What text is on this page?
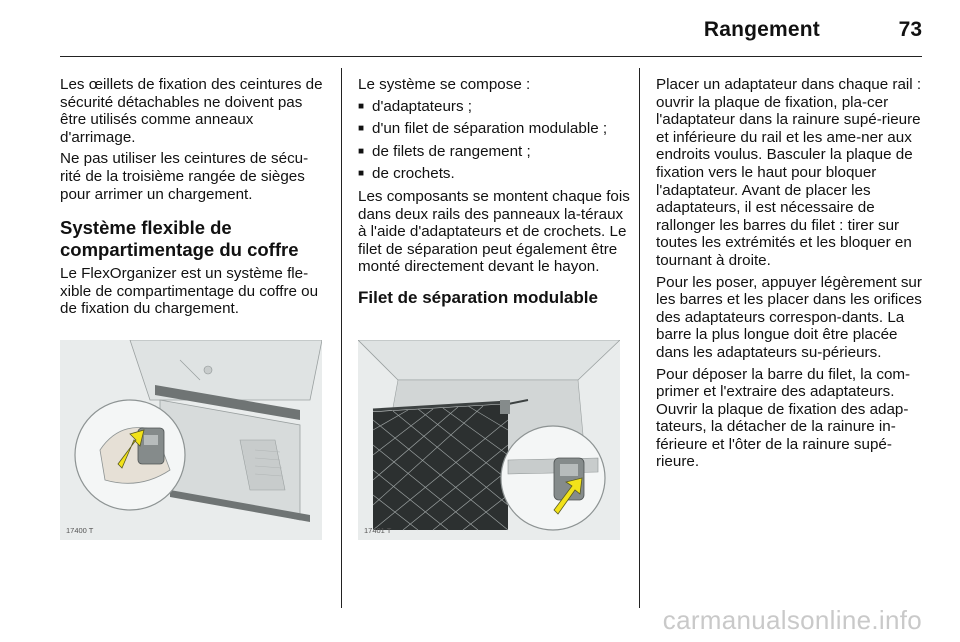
Rangement	73

Les œillets de fixation des ceintures de sécurité détachables ne doivent pas être utilisés comme anneaux d'arrimage.

Ne pas utiliser les ceintures de sécu-rité de la troisième rangée de sièges pour arrimer un chargement.

Système flexible de compartimentage du coffre

Le FlexOrganizer est un système fle-xible de compartimentage du coffre ou de fixation du chargement.

17400 T

Le système se compose :

■ d'adaptateurs ;
■ d'un filet de séparation modulable ;
■ de filets de rangement ;
■ de crochets.

Les composants se montent chaque fois dans deux rails des panneaux la-téraux à l'aide d'adaptateurs et de crochets. Le filet de séparation peut également être monté directement devant le hayon.

Filet de séparation modulable
17401 T

Placer un adaptateur dans chaque rail : ouvrir la plaque de fixation, pla-cer l'adaptateur dans la rainure supé-rieure et inférieure du rail et les ame-ner aux endroits voulus. Basculer la plaque de fixation vers le haut pour bloquer l'adaptateur. Avant de placer les adaptateurs, il est nécessaire de rallonger les barres du filet : tirer sur toutes les extrémités et les bloquer en tournant à droite.

Pour les poser, appuyer légèrement sur les barres et les placer dans les orifices des adaptateurs correspon-dants. La barre la plus longue doit être placée dans les adaptateurs su-périeurs.

Pour déposer la barre du filet, la com-primer et l'extraire des adaptateurs. Ouvrir la plaque de fixation des adap-tateurs, la détacher de la rainure in-férieure et l'ôter de la rainure supé-rieure.

carmanualsonline.info
